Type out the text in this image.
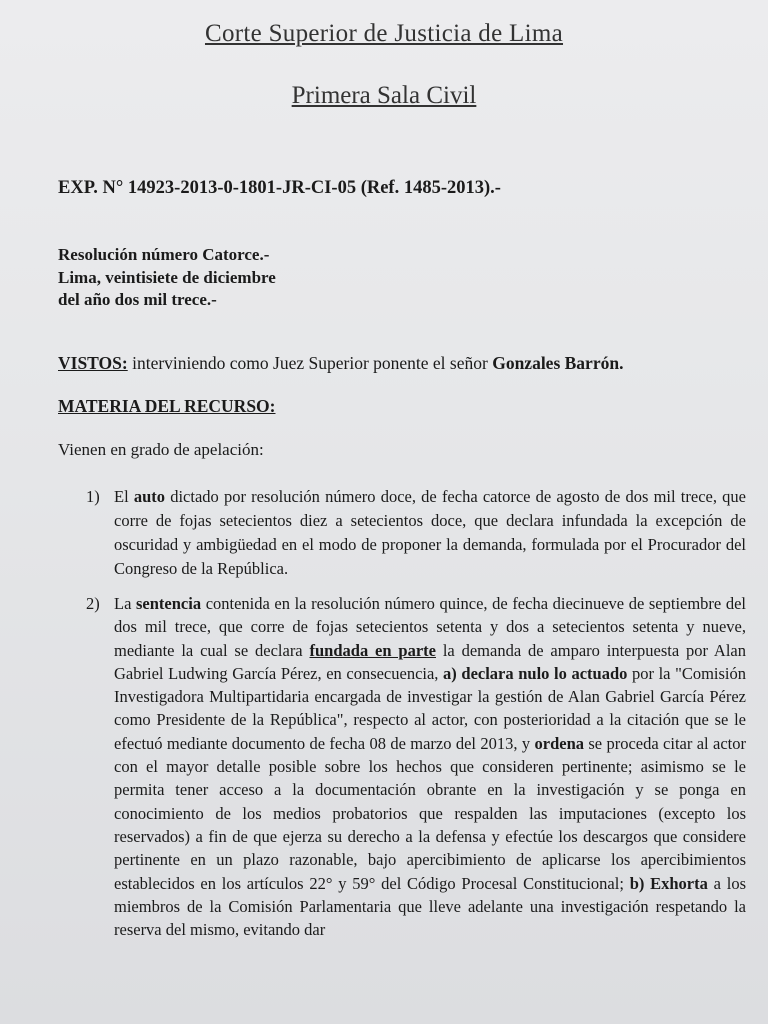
Corte Superior de Justicia de Lima
Primera Sala Civil
EXP. N° 14923-2013-0-1801-JR-CI-05 (Ref. 1485-2013).-
Resolución número Catorce.-
Lima, veintisiete de diciembre
del año dos mil trece.-
VISTOS: interviniendo como Juez Superior ponente el señor Gonzales Barrón.
MATERIA DEL RECURSO:
Vienen en grado de apelación:
1) El auto dictado por resolución número doce, de fecha catorce de agosto de dos mil trece, que corre de fojas setecientos diez a setecientos doce, que declara infundada la excepción de oscuridad y ambigüedad en el modo de proponer la demanda, formulada por el Procurador del Congreso de la República.
2) La sentencia contenida en la resolución número quince, de fecha diecinueve de septiembre del dos mil trece, que corre de fojas setecientos setenta y dos a setecientos setenta y nueve, mediante la cual se declara fundada en parte la demanda de amparo interpuesta por Alan Gabriel Ludwing García Pérez, en consecuencia, a) declara nulo lo actuado por la "Comisión Investigadora Multipartidaria encargada de investigar la gestión de Alan Gabriel García Pérez como Presidente de la República", respecto al actor, con posterioridad a la citación que se le efectuó mediante documento de fecha 08 de marzo del 2013, y ordena se proceda citar al actor con el mayor detalle posible sobre los hechos que consideren pertinente; asimismo se le permita tener acceso a la documentación obrante en la investigación y se ponga en conocimiento de los medios probatorios que respalden las imputaciones (excepto los reservados) a fin de que ejerza su derecho a la defensa y efectúe los descargos que considere pertinente en un plazo razonable, bajo apercibimiento de aplicarse los apercibimientos establecidos en los artículos 22° y 59° del Código Procesal Constitucional; b) Exhorta a los miembros de la Comisión Parlamentaria que lleve adelante una investigación respetando la reserva del mismo, evitando dar
